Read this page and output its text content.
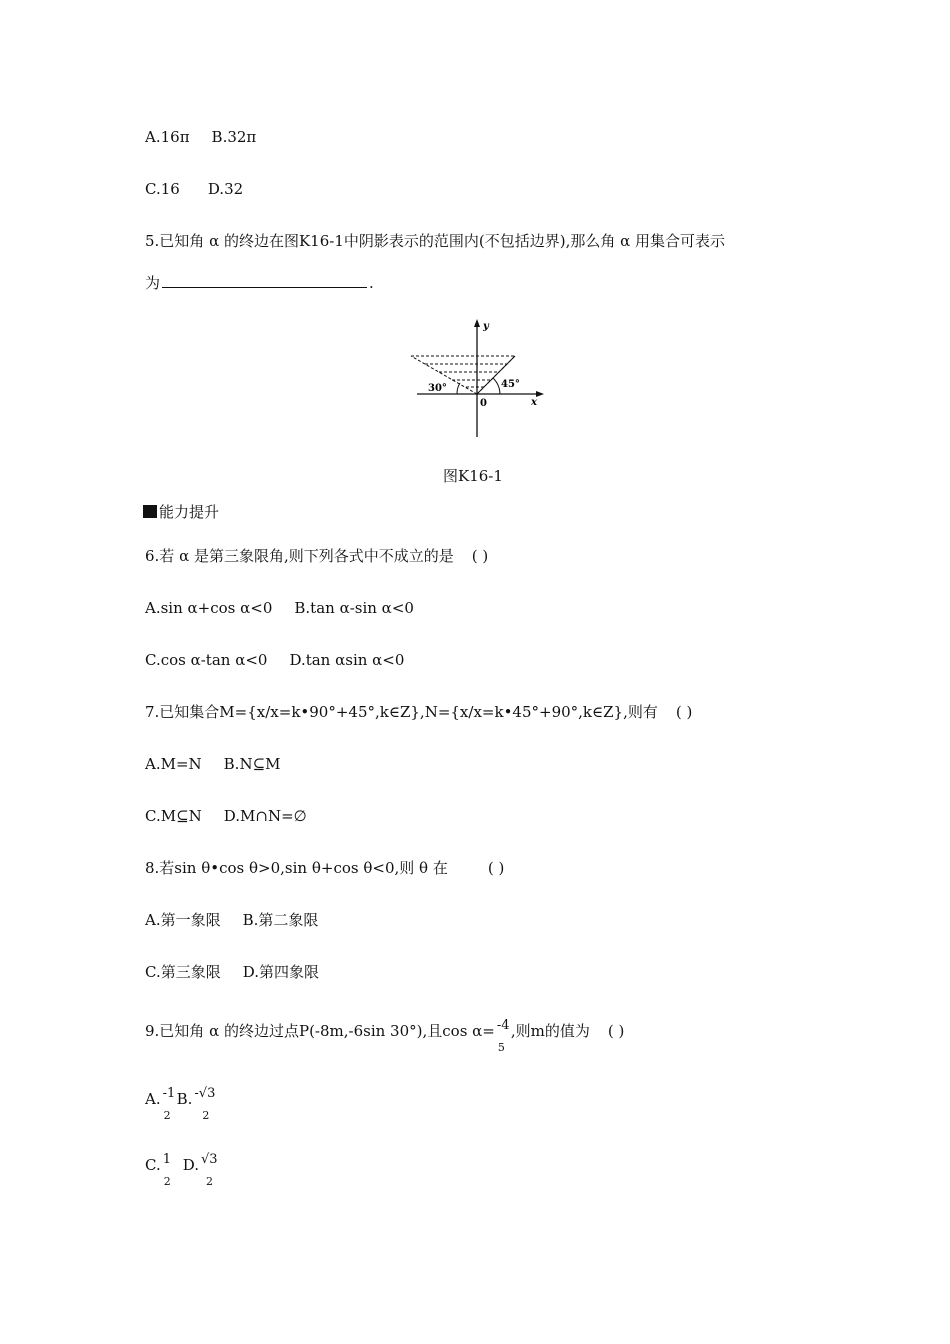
A.16π B.32π
C.16 D.32
5.已知角 α 的终边在图K16-1中阴影表示的范围内(不包括边界),那么角 α 用集合可表示
为	.
y
x
0
30°	45°
图K16-1
能力提升
6.若 α 是第三象限角,则下列各式中不成立的是 ( )
A.sin α+cos α<0 B.tan α-sin α<0
C.cos α-tan α<0 D.tan αsin α<0
7.已知集合M={x/x=k•90°+45°,k∈Z},N={x/x=k•45°+90°,k∈Z},则有 ( )
A.M=N B.N⊆M
C.M⊆N D.M∩N=∅
8.若sin θ•cos θ>0,sin θ+cos θ<0,则 θ 在	( )
A.第一象限 B.第二象限
C.第三象限 D.第四象限
9.已知角 α 的终边过点P(-8m,-6sin 30°),且cos α= -4
5
,则m的值为 ( )
A. -1
2
B. -√3
2
C. 1
2
D. √3
2
